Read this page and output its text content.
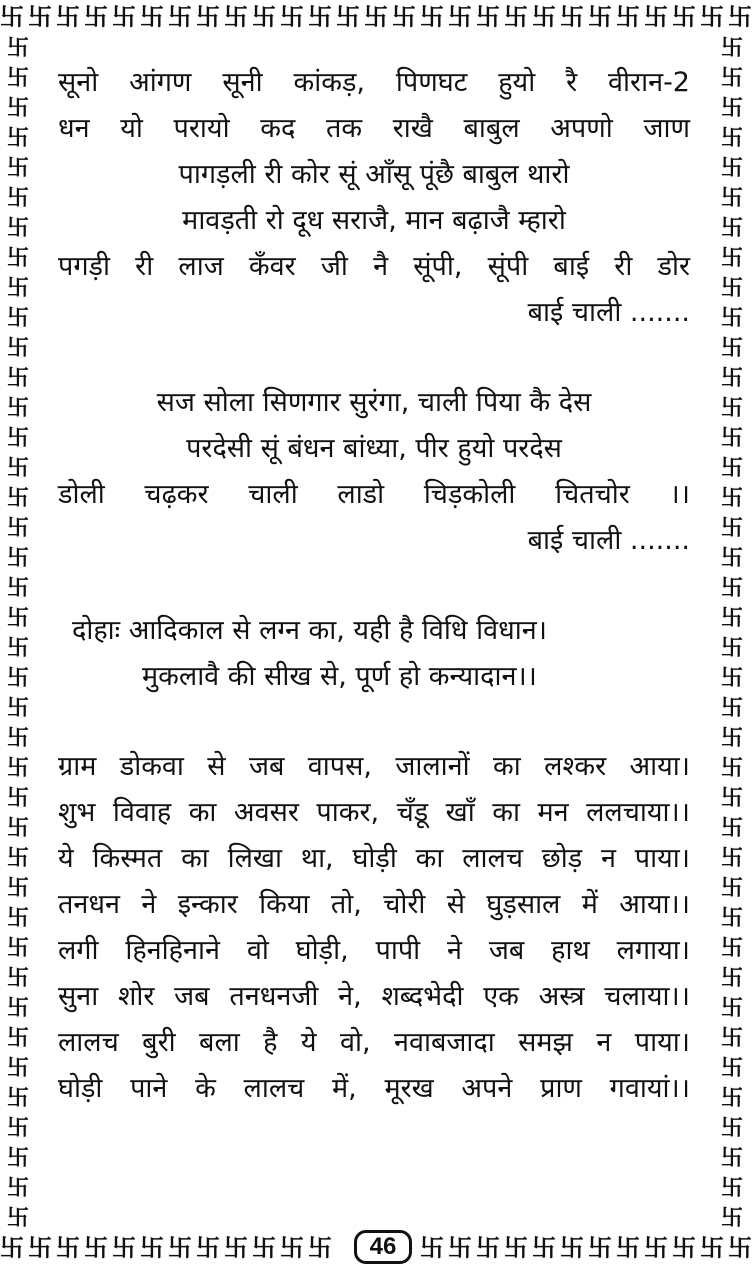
卐 卐 卐 卐 卐 卐 卐 卐 卐 卐 卐 卐 卐 卐 卐 卐 卐 卐 卐 卐 卐 卐 卐 卐 卐 卐 卐
卐
卐
卐
卐
卐
卐
卐
卐
卐
卐
卐
卐
卐
卐
卐
卐
卐
卐
卐
卐
卐
卐
卐
卐
卐
卐
卐
卐
卐
卐
卐
卐
卐
卐
卐
卐
卐
卐
卐
卐
卐
卐
卐
卐
卐
卐
卐
卐
卐
卐
卐
卐
卐
卐
卐
卐
卐
卐
卐
卐
卐
卐
卐
卐
卐
卐
卐
卐
卐
卐
卐
卐
卐
卐
卐
卐
卐
卐
卐
卐
卐 卐 卐 卐 卐 卐 卐 卐 卐 卐 卐 卐	卐 卐 卐 卐 卐 卐 卐 卐 卐 卐 卐 卐
46
सूनो आंगण सूनी कांकड़, पिणघट हुयो रै वीरान-2
धन यो परायो कद तक राखै बाबुल अपणो जाण
पागड़ली री कोर सूं आँसू पूंछै बाबुल थारो
मावड़ती रो दूध सराजै, मान बढ़ाजै म्हारो
पगड़ी री लाज कँवर जी नै सूंपी, सूंपी बाई री डोर
बाई चाली .......
सज सोला सिणगार सुरंगा, चाली पिया कै देस
परदेसी सूं बंधन बांध्या, पीर हुयो परदेस
डोली चढ़कर चाली लाडो चिड़कोली चितचोर ।।
बाई चाली .......
दोहाः आदिकाल से लग्न का, यही है विधि विधान।
मुकलावै की सीख से, पूर्ण हो कन्यादान।।
ग्राम डोकवा से जब वापस, जालानों का लश्कर आया।
शुभ विवाह का अवसर पाकर, चँडू खाँ का मन ललचाया।।
ये किस्मत का लिखा था, घोड़ी का लालच छोड़ न पाया।
तनधन ने इन्कार किया तो, चोरी से घुड़साल में आया।।
लगी हिनहिनाने वो घोड़ी, पापी ने जब हाथ लगाया।
सुना शोर जब तनधनजी ने, शब्दभेदी एक अस्त्र चलाया।।
लालच बुरी बला है ये वो, नवाबजादा समझ न पाया।
घोड़ी पाने के लालच में, मूरख अपने प्राण गवायां।।
